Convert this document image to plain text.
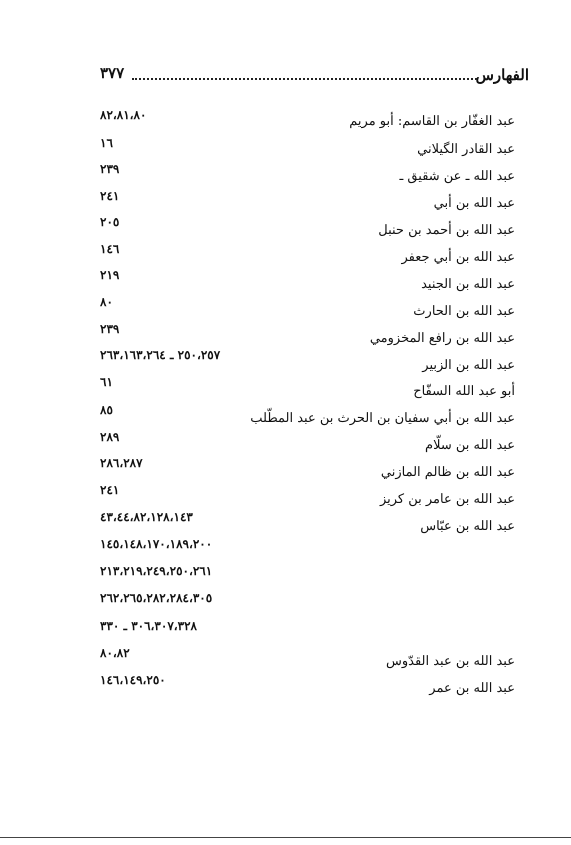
الفهارس
٣٧٧
عبد الغفّار بن القاسم: أبو مريم
٨٢،٨١،٨٠
عبد القادر الگيلاني
١٦
عبد الله ـ عن شقيق ـ
٢٣٩
عبد الله بن أبي
٢٤١
عبد الله بن أحمد بن حنبل
٢٠٥
عبد الله بن أبي جعفر
١٤٦
عبد الله بن الجنيد
٢١٩
عبد الله بن الحارث
٨٠
عبد الله بن رافع المخزومي
٢٣٩
عبد الله بن الزبير
٢٥٠،٢٥٧ ـ ٢٦٣،١٦٣،٢٦٤
أبو عبد الله السفّاح
٦١
عبد الله بن أبي سفيان بن الحرث بن عبد المطّلب
٨٥
عبد الله بن سلّام
٢٨٩
عبد الله بن ظالم المازني
٢٨٦،٢٨٧
عبد الله بن عامر بن كريز
٢٤١
عبد الله بن عبّاس
٤٣،٤٤،٨٢،١٢٨،١٤٣
١٤٥،١٤٨،١٧٠،١٨٩،٢٠٠
٢١٣،٢١٩،٢٤٩،٢٥٠،٢٦١
٢٦٢،٢٦٥،٢٨٢،٢٨٤،٣٠٥
٣٠٦،٣٠٧،٣٢٨ ـ ٣٣٠
عبد الله بن عبد القدّوس
٨٠،٨٢
عبد الله بن عمر
١٤٦،١٤٩،٢٥٠
